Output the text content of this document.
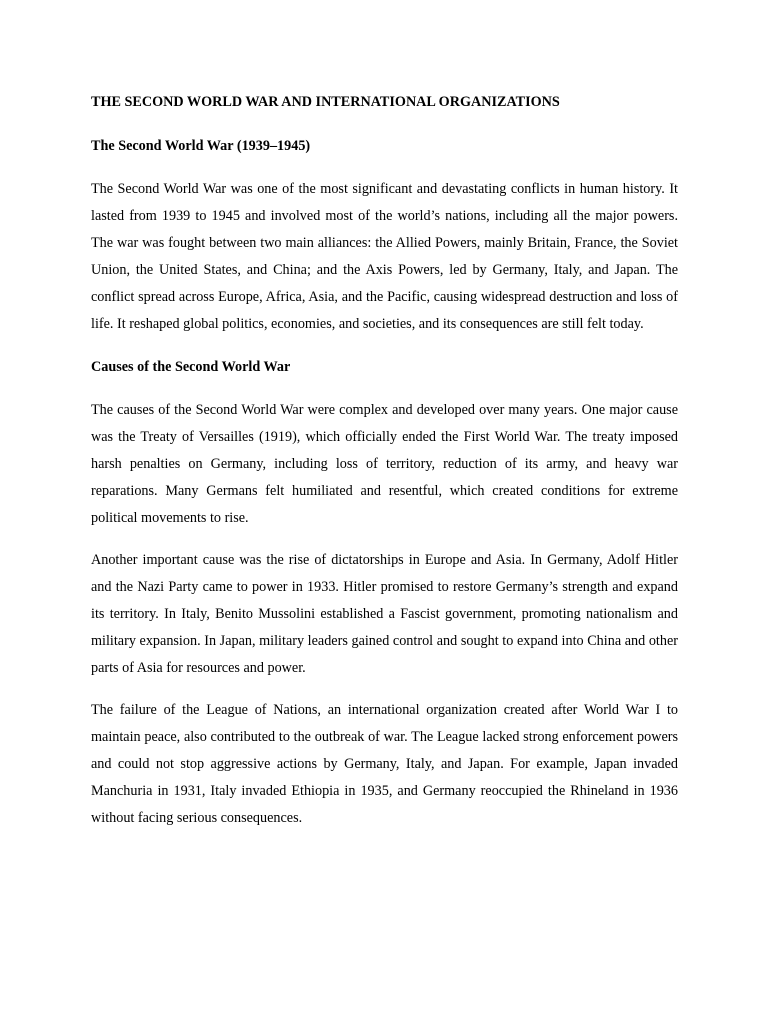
THE SECOND WORLD WAR AND INTERNATIONAL ORGANIZATIONS
The Second World War (1939–1945)

The Second World War was one of the most significant and devastating conflicts in human history. It lasted from 1939 to 1945 and involved most of the world’s nations, including all the major powers. The war was fought between two main alliances: the Allied Powers, mainly Britain, France, the Soviet Union, the United States, and China; and the Axis Powers, led by Germany, Italy, and Japan. The conflict spread across Europe, Africa, Asia, and the Pacific, causing widespread destruction and loss of life. It reshaped global politics, economies, and societies, and its consequences are still felt today.

Causes of the Second World War

The causes of the Second World War were complex and developed over many years. One major cause was the Treaty of Versailles (1919), which officially ended the First World War. The treaty imposed harsh penalties on Germany, including loss of territory, reduction of its army, and heavy war reparations. Many Germans felt humiliated and resentful, which created conditions for extreme political movements to rise.

Another important cause was the rise of dictatorships in Europe and Asia. In Germany, Adolf Hitler and the Nazi Party came to power in 1933. Hitler promised to restore Germany’s strength and expand its territory. In Italy, Benito Mussolini established a Fascist government, promoting nationalism and military expansion. In Japan, military leaders gained control and sought to expand into China and other parts of Asia for resources and power.

The failure of the League of Nations, an international organization created after World War I to maintain peace, also contributed to the outbreak of war. The League lacked strong enforcement powers and could not stop aggressive actions by Germany, Italy, and Japan. For example, Japan invaded Manchuria in 1931, Italy invaded Ethiopia in 1935, and Germany reoccupied the Rhineland in 1936 without facing serious consequences.
